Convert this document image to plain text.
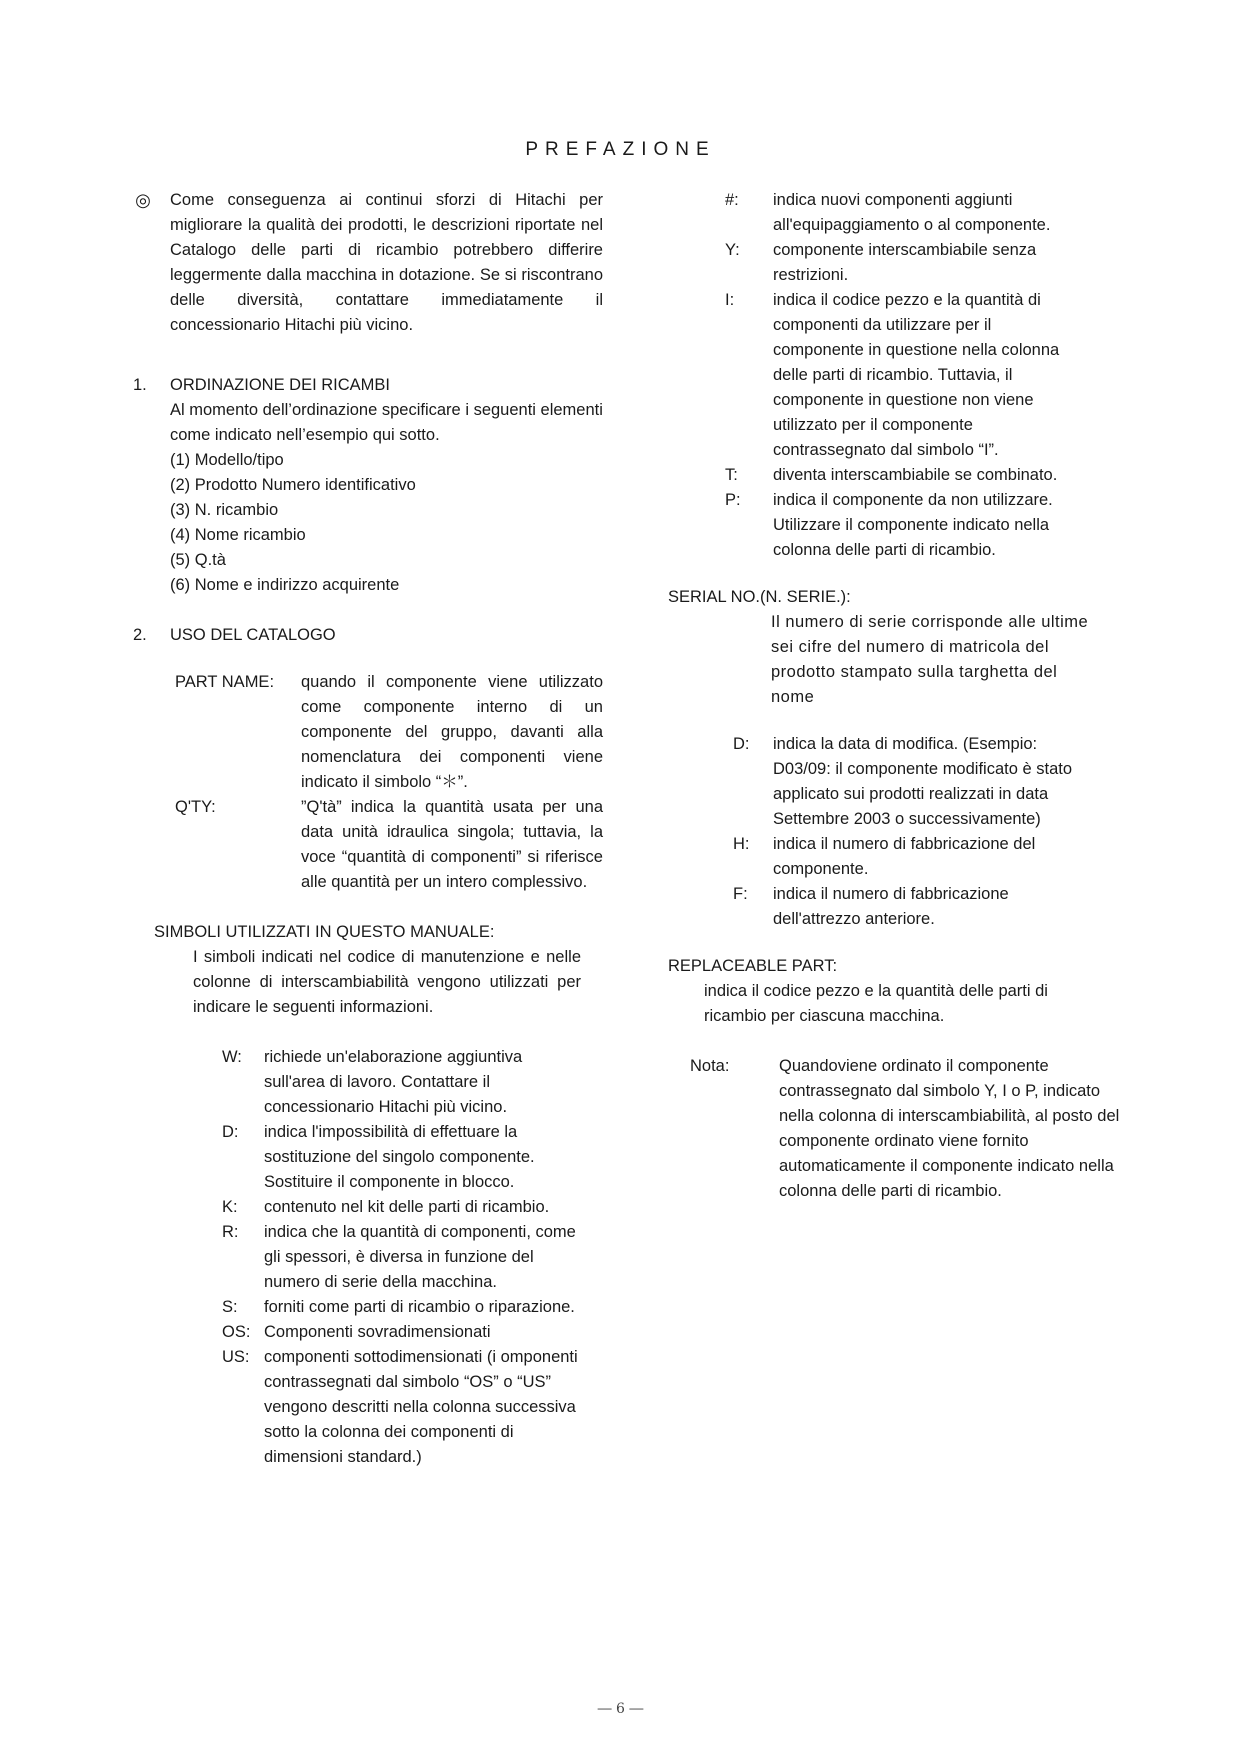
PREFAZIONE
◎ Come conseguenza ai continui sforzi di Hitachi per migliorare la qualità dei prodotti, le descrizioni riportate nel Catalogo delle parti di ricambio potrebbero differire leggermente dalla macchina in dotazione. Se si riscontrano delle diversità, contattare immediatamente il concessionario Hitachi più vicino.
1.	ORDINAZIONE DEI RICAMBI
Al momento dell’ordinazione specificare i seguenti elementi come indicato nell’esempio qui sotto.
(1) Modello/tipo
(2) Prodotto Numero identificativo
(3) N. ricambio
(4) Nome ricambio
(5) Q.tà
(6) Nome e indirizzo acquirente
2.	USO DEL CATALOGO
PART NAME:	quando il componente viene utilizzato come componente interno di un componente del gruppo, davanti alla nomenclatura dei componenti viene indicato il simbolo “＊”.
Q'TY:	”Q'tà” indica la quantità usata per una data unità idraulica singola; tuttavia, la voce “quantità di componenti” si riferisce alle quantità per un intero complessivo.
SIMBOLI UTILIZZATI IN QUESTO MANUALE:
I simboli indicati nel codice di manutenzione e nelle colonne di interscambiabilità vengono utilizzati per indicare le seguenti informazioni.
W:	richiede un'elaborazione aggiuntiva sull'area di lavoro. Contattare il concessionario Hitachi più vicino.
D:	indica l'impossibilità di effettuare la sostituzione del singolo componente. Sostituire il componente in blocco.
K:	contenuto nel kit delle parti di ricambio.
R:	indica che la quantità di componenti, come gli spessori, è diversa in funzione del numero di serie della macchina.
S:	forniti come parti di ricambio o riparazione.
OS: Componenti sovradimensionati
US: componenti sottodimensionati (i omponenti contrassegnati dal simbolo “OS” o “US” vengono descritti nella colonna successiva sotto la colonna dei componenti di dimensioni standard.)
#:	indica nuovi componenti aggiunti all'equipaggiamento o al componente.
Y:	componente interscambiabile senza restrizioni.
I:	indica il codice pezzo e la quantità di componenti da utilizzare per il componente in questione nella colonna delle parti di ricambio. Tuttavia, il componente in questione non viene utilizzato per il componente contrassegnato dal simbolo “I”.
T:	diventa interscambiabile se combinato.
P:	indica il componente da non utilizzare. Utilizzare il componente indicato nella colonna delle parti di ricambio.
SERIAL NO.(N. SERIE.):
Il numero di serie corrisponde alle ultime sei cifre del numero di matricola del prodotto stampato sulla targhetta del nome
D:	indica la data di modifica. (Esempio: D03/09: il componente modificato è stato applicato sui prodotti realizzati in data Settembre 2003 o successivamente)
H:	indica il numero di fabbricazione del componente.
F:	indica il numero di fabbricazione dell'attrezzo anteriore.
REPLACEABLE PART:
indica il codice pezzo e la quantità delle parti di ricambio per ciascuna macchina.
Nota:	Quandoviene ordinato il componente contrassegnato dal simbolo Y, I o P, indicato nella colonna di interscambiabilità, al posto del componente ordinato viene fornito automaticamente il componente indicato nella colonna delle parti di ricambio.
― 6 ―
